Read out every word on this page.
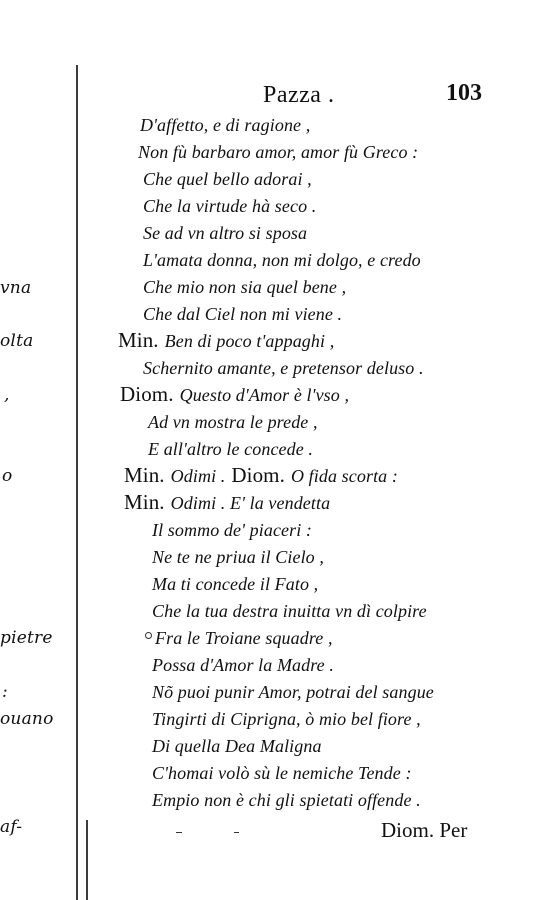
vna
olta
,
o
pietre
:
ouano
af-
Pazza .	103
D'affetto, e di ragione ,
Non fù barbaro amor, amor fù Greco :
Che quel bello adorai ,
Che la virtude hà seco .
Se ad vn altro si sposa
L'amata donna, non mi dolgo, e credo
Che mio non sia quel bene ,
Che dal Ciel non mi viene .
Min. Ben di poco t'appaghi ,
Schernito amante, e pretensor deluso .
Diom. Questo d'Amor è l'vso ,
Ad vn mostra le prede ,
E all'altro le concede .
Min. Odimi . Diom. O fida scorta :
Min. Odimi . E' la vendetta
Il sommo de' piaceri :
Ne te ne priua il Cielo ,
Ma ti concede il Fato ,
Che la tua destra inuitta vn dì colpire
Fra le Troiane squadre ,
Possa d'Amor la Madre .
Nõ puoi punir Amor, potrai del sangue
Tingirti di Ciprigna, ò mio bel fiore ,
Di quella Dea Maligna
C'homai volò sù le nemiche Tende :
Empio non è chi gli spietati offende .
Diom. Per
